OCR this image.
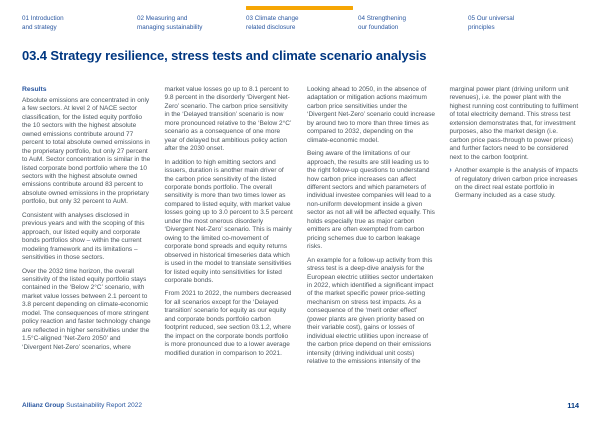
01 Introduction
and strategy
02 Measuring and
managing sustainability
03 Climate change
related disclosure
04 Strengthening
our foundation
05 Our universal
principles
03.4 Strategy resilience, stress tests and climate scenario analysis
Results

Absolute emissions are concentrated in only a few sectors. At level 2 of NACE sector classification, for the listed equity portfolio the 10 sectors with the highest absolute owned emissions contribute around 77 percent to total absolute owned emissions in the proprietary portfolio, but only 27 percent to AuM. Sector concentration is similar in the listed corporate bond portfolio where the 10 sectors with the highest absolute owned emissions contribute around 83 percent to absolute owned emissions in the proprietary portfolio, but only 32 percent to AuM.

Consistent with analyses disclosed in previous years and with the scoping of this approach, our listed equity and corporate bonds portfolios show – within the current modeling framework and its limitations – sensitivities in those sectors.

Over the 2032 time horizon, the overall sensitivity of the listed equity portfolio stays contained in the ‘Below 2°C’ scenario, with market value losses between 2.1 percent to 3.8 percent depending on climate-economic model. The consequences of more stringent policy reaction and faster technology change are reflected in higher sensitivities under the 1.5°C-aligned ‘Net-Zero 2050’ and ‘Divergent Net-Zero’ scenarios, where

market value losses go up to 8.1 percent to 9.8 percent in the disorderly ‘Divergent Net-Zero’ scenario. The carbon price sensitivity in the ‘Delayed transition’ scenario is now more pronounced relative to the ‘Below 2°C’ scenario as a consequence of one more year of delayed but ambitious policy action after the 2030 onset.

In addition to high emitting sectors and issuers, duration is another main driver of the carbon price sensitivity of the listed corporate bonds portfolio. The overall sensitivity is more than two times lower as compared to listed equity, with market value losses going up to 3.0 percent to 3.5 percent under the most onerous disorderly ‘Divergent Net-Zero’ scenario. This is mainly owing to the limited co-movement of corporate bond spreads and equity returns observed in historical timeseries data which is used in the model to translate sensitivities for listed equity into sensitivities for listed corporate bonds.

From 2021 to 2022, the numbers decreased for all scenarios except for the ‘Delayed transition’ scenario for equity as our equity and corporate bonds portfolio carbon footprint reduced, see section 03.1.2, where the impact on the corporate bonds portfolio is more pronounced due to a lower average modified duration in comparison to 2021.

Looking ahead to 2050, in the absence of adaptation or mitigation actions maximum carbon price sensitivities under the ‘Divergent Net-Zero’ scenario could increase by around two to more than three times as compared to 2032, depending on the climate-economic model.

Being aware of the limitations of our approach, the results are still leading us to the right follow-up questions to understand how carbon price increases can affect different sectors and which parameters of individual investee companies will lead to a non-uniform development inside a given sector as not all will be affected equally. This holds especially true as major carbon emitters are often exempted from carbon pricing schemes due to carbon leakage risks.

An example for a follow-up activity from this stress test is a deep-dive analysis for the European electric utilities sector undertaken in 2022, which identified a significant impact of the market specific power price-setting mechanism on stress test impacts. As a consequence of the ‘merit order effect’ (power plants are given priority based on their variable cost), gains or losses of individual electric utilities upon increase of the carbon price depend on their emissions intensity (driving individual unit costs) relative to the emissions intensity of the

marginal power plant (driving uniform unit revenues), i.e. the power plant with the highest running cost contributing to fulfilment of total electricity demand. This stress test extension demonstrates that, for investment purposes, also the market design (i.e. carbon price pass-through to power prices) and further factors need to be considered next to the carbon footprint.

› Another example is the analysis of impacts of regulatory driven carbon price increases on the direct real estate portfolio in Germany included as a case study.
Allianz Group Sustainability Report 2022	114
